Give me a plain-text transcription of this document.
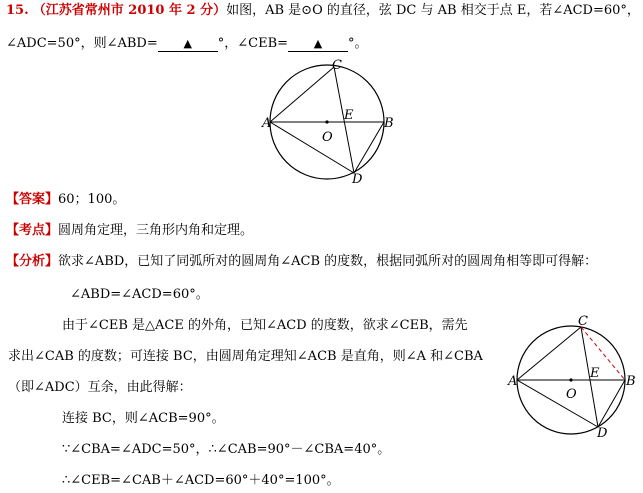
15. （江苏省常州市 2010 年 2 分）如图，AB 是⊙O 的直径，弦 DC 与 AB 相交于点 E，若∠ACD=60°，
∠ADC=50°，则∠ABD= ▲ °，∠CEB= ▲ °。
A	B
C
D
E
O
【答案】60；100。
【考点】圆周角定理，三角形内角和定理。
【分析】欲求∠ABD，已知了同弧所对的圆周角∠ACB 的度数，根据同弧所对的圆周角相等即可得解：
∠ABD=∠ACD=60°。
由于∠CEB 是△ACE 的外角，已知∠ACD 的度数，欲求∠CEB，需先
求出∠CAB 的度数；可连接 BC，由圆周角定理知∠ACB 是直角，则∠A 和∠CBA
（即∠ADC）互余，由此得解：
连接 BC，则∠ACB=90°。
∵∠CBA=∠ADC=50°，∴∠CAB=90°－∠CBA=40°。
∴∠CEB=∠CAB＋∠ACD=60°＋40°=100°。
A	B
C
D
E
O
